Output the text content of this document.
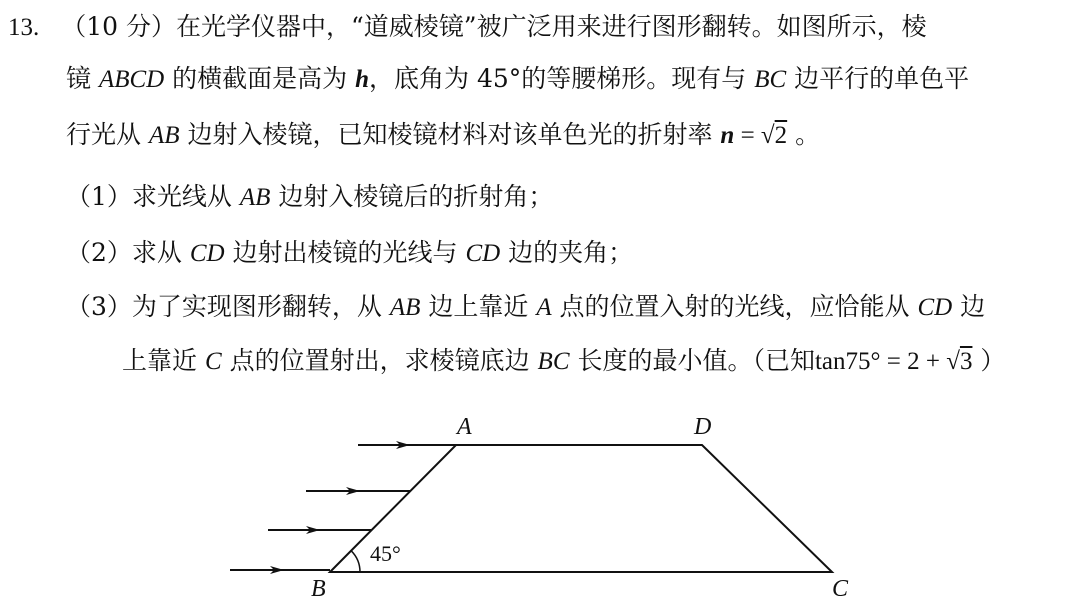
13. （10 分）在光学仪器中，“道威棱镜”被广泛用来进行图形翻转。如图所示，棱
镜 ABCD 的横截面是高为 h，底角为 45°的等腰梯形。现有与 BC 边平行的单色平
行光从 AB 边射入棱镜，已知棱镜材料对该单色光的折射率 n = √2 。
（1）求光线从 AB 边射入棱镜后的折射角；
（2）求从 CD 边射出棱镜的光线与 CD 边的夹角；
（3）为了实现图形翻转，从 AB 边上靠近 A 点的位置入射的光线，应恰能从 CD 边
上靠近 C 点的位置射出，求棱镜底边 BC 长度的最小值。（已知tan75° = 2 + √3 ）
A	D
B	C
45°
